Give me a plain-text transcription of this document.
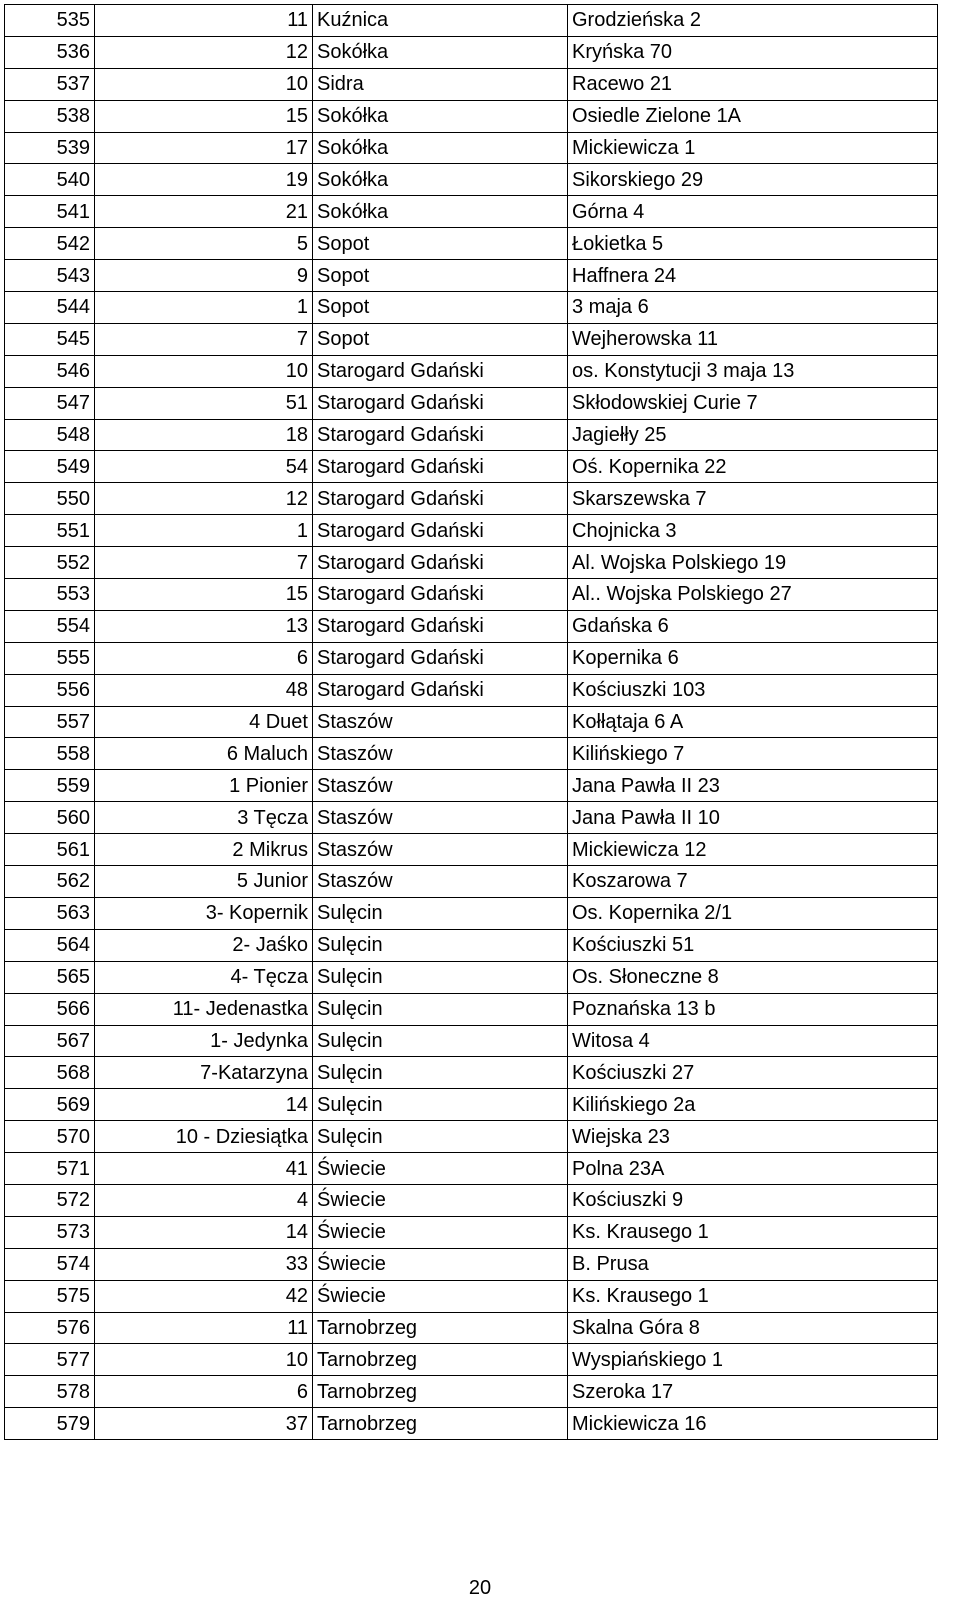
535	11	Kuźnica	Grodzieńska 2
536	12	Sokółka	Kryńska 70
537	10	Sidra	Racewo 21
538	15	Sokółka	Osiedle Zielone 1A
539	17	Sokółka	Mickiewicza 1
540	19	Sokółka	Sikorskiego 29
541	21	Sokółka	Górna 4
542	5	Sopot	Łokietka 5
543	9	Sopot	Haffnera 24
544	1	Sopot	3 maja 6
545	7	Sopot	Wejherowska 11
546	10	Starogard Gdański	os. Konstytucji 3 maja 13
547	51	Starogard Gdański	Skłodowskiej Curie 7
548	18	Starogard Gdański	Jagiełły 25
549	54	Starogard Gdański	Oś. Kopernika 22
550	12	Starogard Gdański	Skarszewska 7
551	1	Starogard Gdański	Chojnicka 3
552	7	Starogard Gdański	Al. Wojska Polskiego 19
553	15	Starogard Gdański	Al.. Wojska Polskiego 27
554	13	Starogard Gdański	Gdańska 6
555	6	Starogard Gdański	Kopernika 6
556	48	Starogard Gdański	Kościuszki 103
557	4 Duet	Staszów	Kołłątaja 6 A
558	6 Maluch	Staszów	Kilińskiego 7
559	1 Pionier	Staszów	Jana Pawła II 23
560	3 Tęcza	Staszów	Jana Pawła II 10
561	2 Mikrus	Staszów	Mickiewicza 12
562	5 Junior	Staszów	Koszarowa 7
563	3- Kopernik	Sulęcin	Os. Kopernika 2/1
564	2- Jaśko	Sulęcin	Kościuszki 51
565	4- Tęcza	Sulęcin	Os. Słoneczne 8
566	11- Jedenastka	Sulęcin	Poznańska 13 b
567	1- Jedynka	Sulęcin	Witosa 4
568	7-Katarzyna	Sulęcin	Kościuszki 27
569	14	Sulęcin	Kilińskiego 2a
570	10 - Dziesiątka	Sulęcin	Wiejska 23
571	41	Świecie	Polna 23A
572	4	Świecie	Kościuszki 9
573	14	Świecie	Ks. Krausego 1
574	33	Świecie	B. Prusa
575	42	Świecie	Ks. Krausego 1
576	11	Tarnobrzeg	Skalna Góra 8
577	10	Tarnobrzeg	Wyspiańskiego 1
578	6	Tarnobrzeg	Szeroka 17
579	37	Tarnobrzeg	Mickiewicza 16
20
